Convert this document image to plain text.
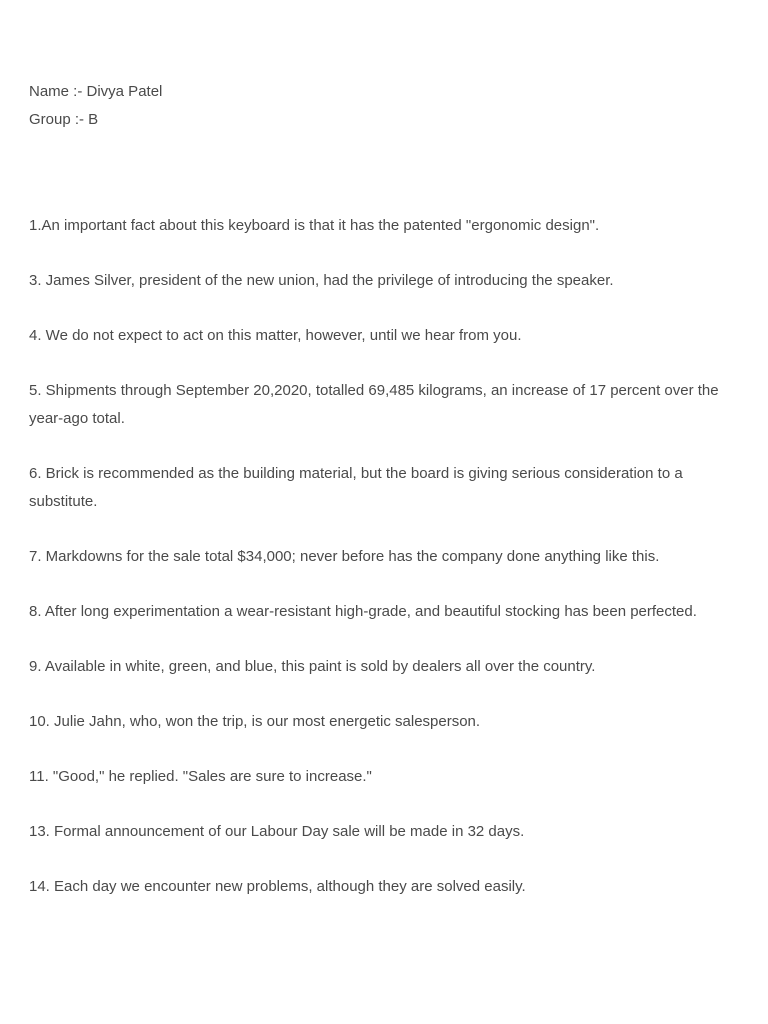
Name :- Divya Patel
Group :- B
1.An important fact about this keyboard is that it has the patented "ergonomic design".
3. James Silver, president of the new union, had the privilege of introducing the speaker.
4. We do not expect to act on this matter, however, until we hear from you.
5. Shipments through September 20,2020, totalled 69,485 kilograms, an increase of 17 percent over the year-ago total.
6. Brick is recommended as the building material, but the board is giving serious consideration to a substitute.
7. Markdowns for the sale total $34,000; never before has the company done anything like this.
8. After long experimentation a wear-resistant high-grade, and beautiful stocking has been perfected.
9. Available in white, green, and blue, this paint is sold by dealers all over the country.
10. Julie Jahn, who, won the trip, is our most energetic salesperson.
11. "Good," he replied. "Sales are sure to increase."
13. Formal announcement of our Labour Day sale will be made in 32 days.
14. Each day we encounter new problems, although they are solved easily.
